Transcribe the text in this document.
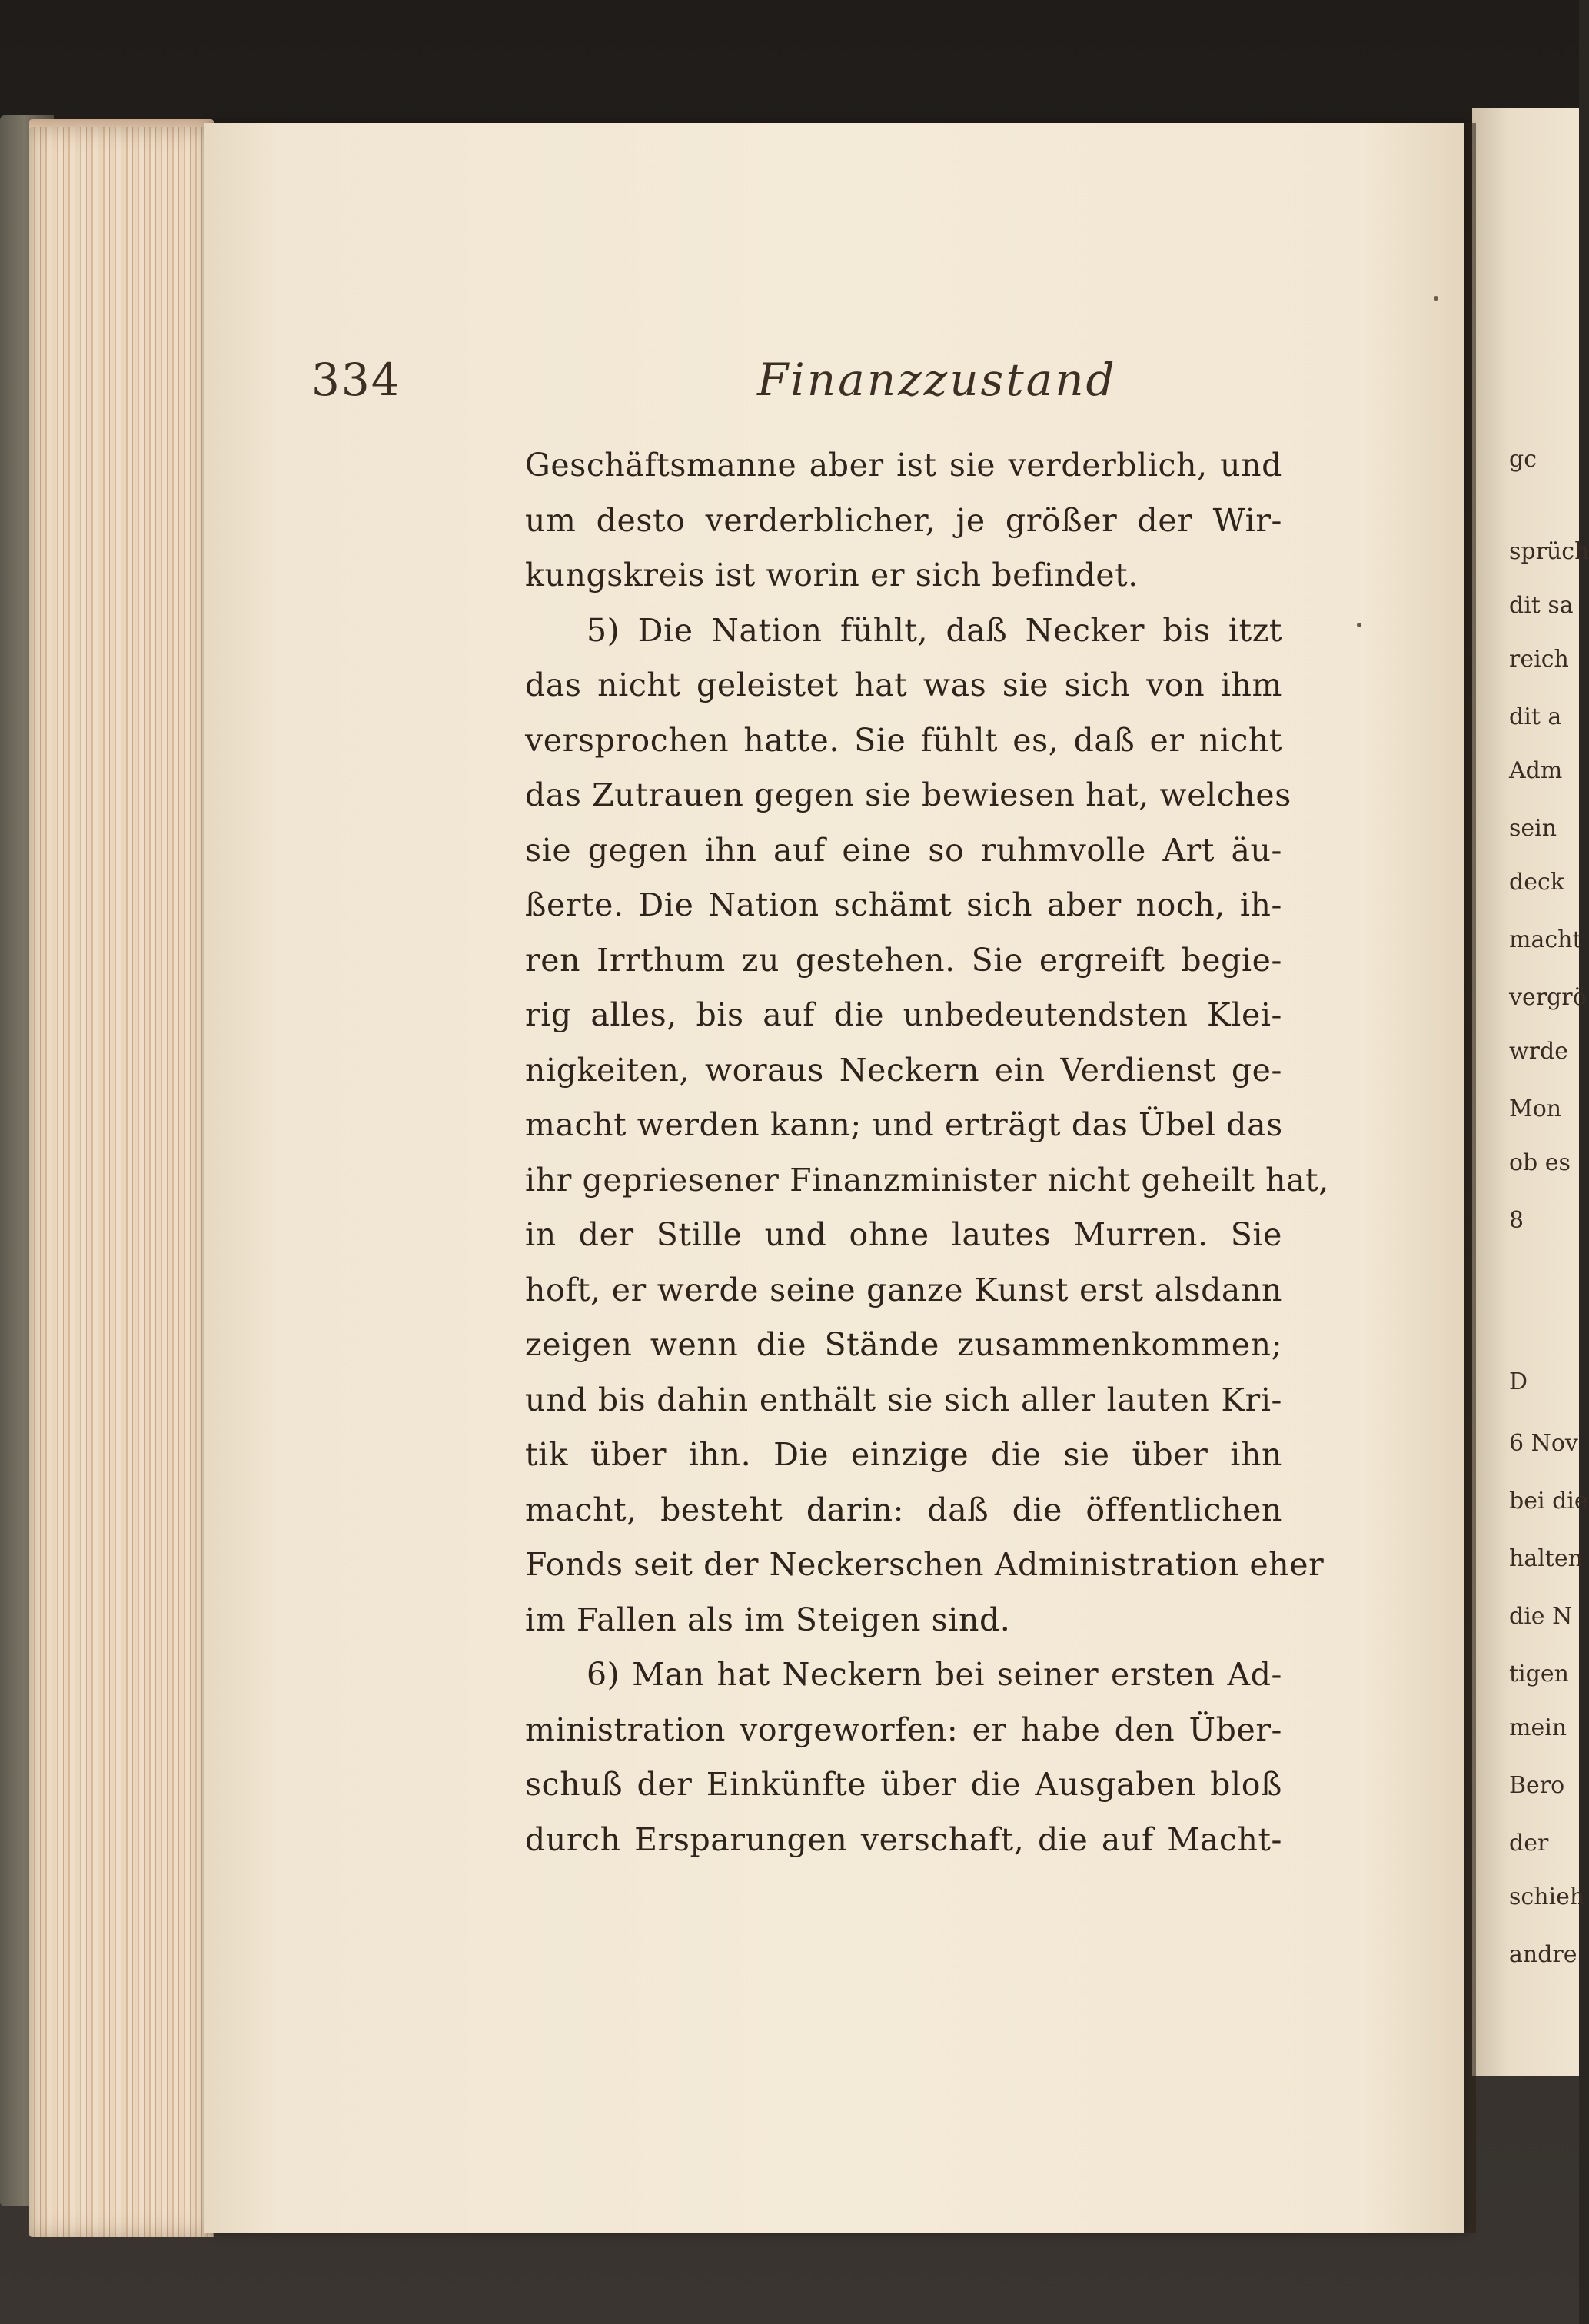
gc
sprüch
dit sa
reich
dit a
Adm
sein
deck
macht
vergrö
wrde
Mon
ob es
8
D
6 Nov
bei die
halten
die N
tigen
mein
Bero
der
schieh
andre
334	Finanzzustand
Geschäftsmanne aber ist sie verderblich, und
um desto verderblicher, je größer der Wir-
kungskreis ist worin er sich befindet.
5) Die Nation fühlt, daß Necker bis itzt
das nicht geleistet hat was sie sich von ihm
versprochen hatte. Sie fühlt es, daß er nicht
das Zutrauen gegen sie bewiesen hat, welches
sie gegen ihn auf eine so ruhmvolle Art äu-
ßerte. Die Nation schämt sich aber noch, ih-
ren Irrthum zu gestehen. Sie ergreift begie-
rig alles, bis auf die unbedeutendsten Klei-
nigkeiten, woraus Neckern ein Verdienst ge-
macht werden kann; und erträgt das Übel das
ihr gepriesener Finanzminister nicht geheilt hat,
in der Stille und ohne lautes Murren. Sie
hoft, er werde seine ganze Kunst erst alsdann
zeigen wenn die Stände zusammenkommen;
und bis dahin enthält sie sich aller lauten Kri-
tik über ihn. Die einzige die sie über ihn
macht, besteht darin: daß die öffentlichen
Fonds seit der Neckerschen Administration eher
im Fallen als im Steigen sind.
6) Man hat Neckern bei seiner ersten Ad-
ministration vorgeworfen: er habe den Über-
schuß der Einkünfte über die Ausgaben bloß
durch Ersparungen verschaft, die auf Macht-
